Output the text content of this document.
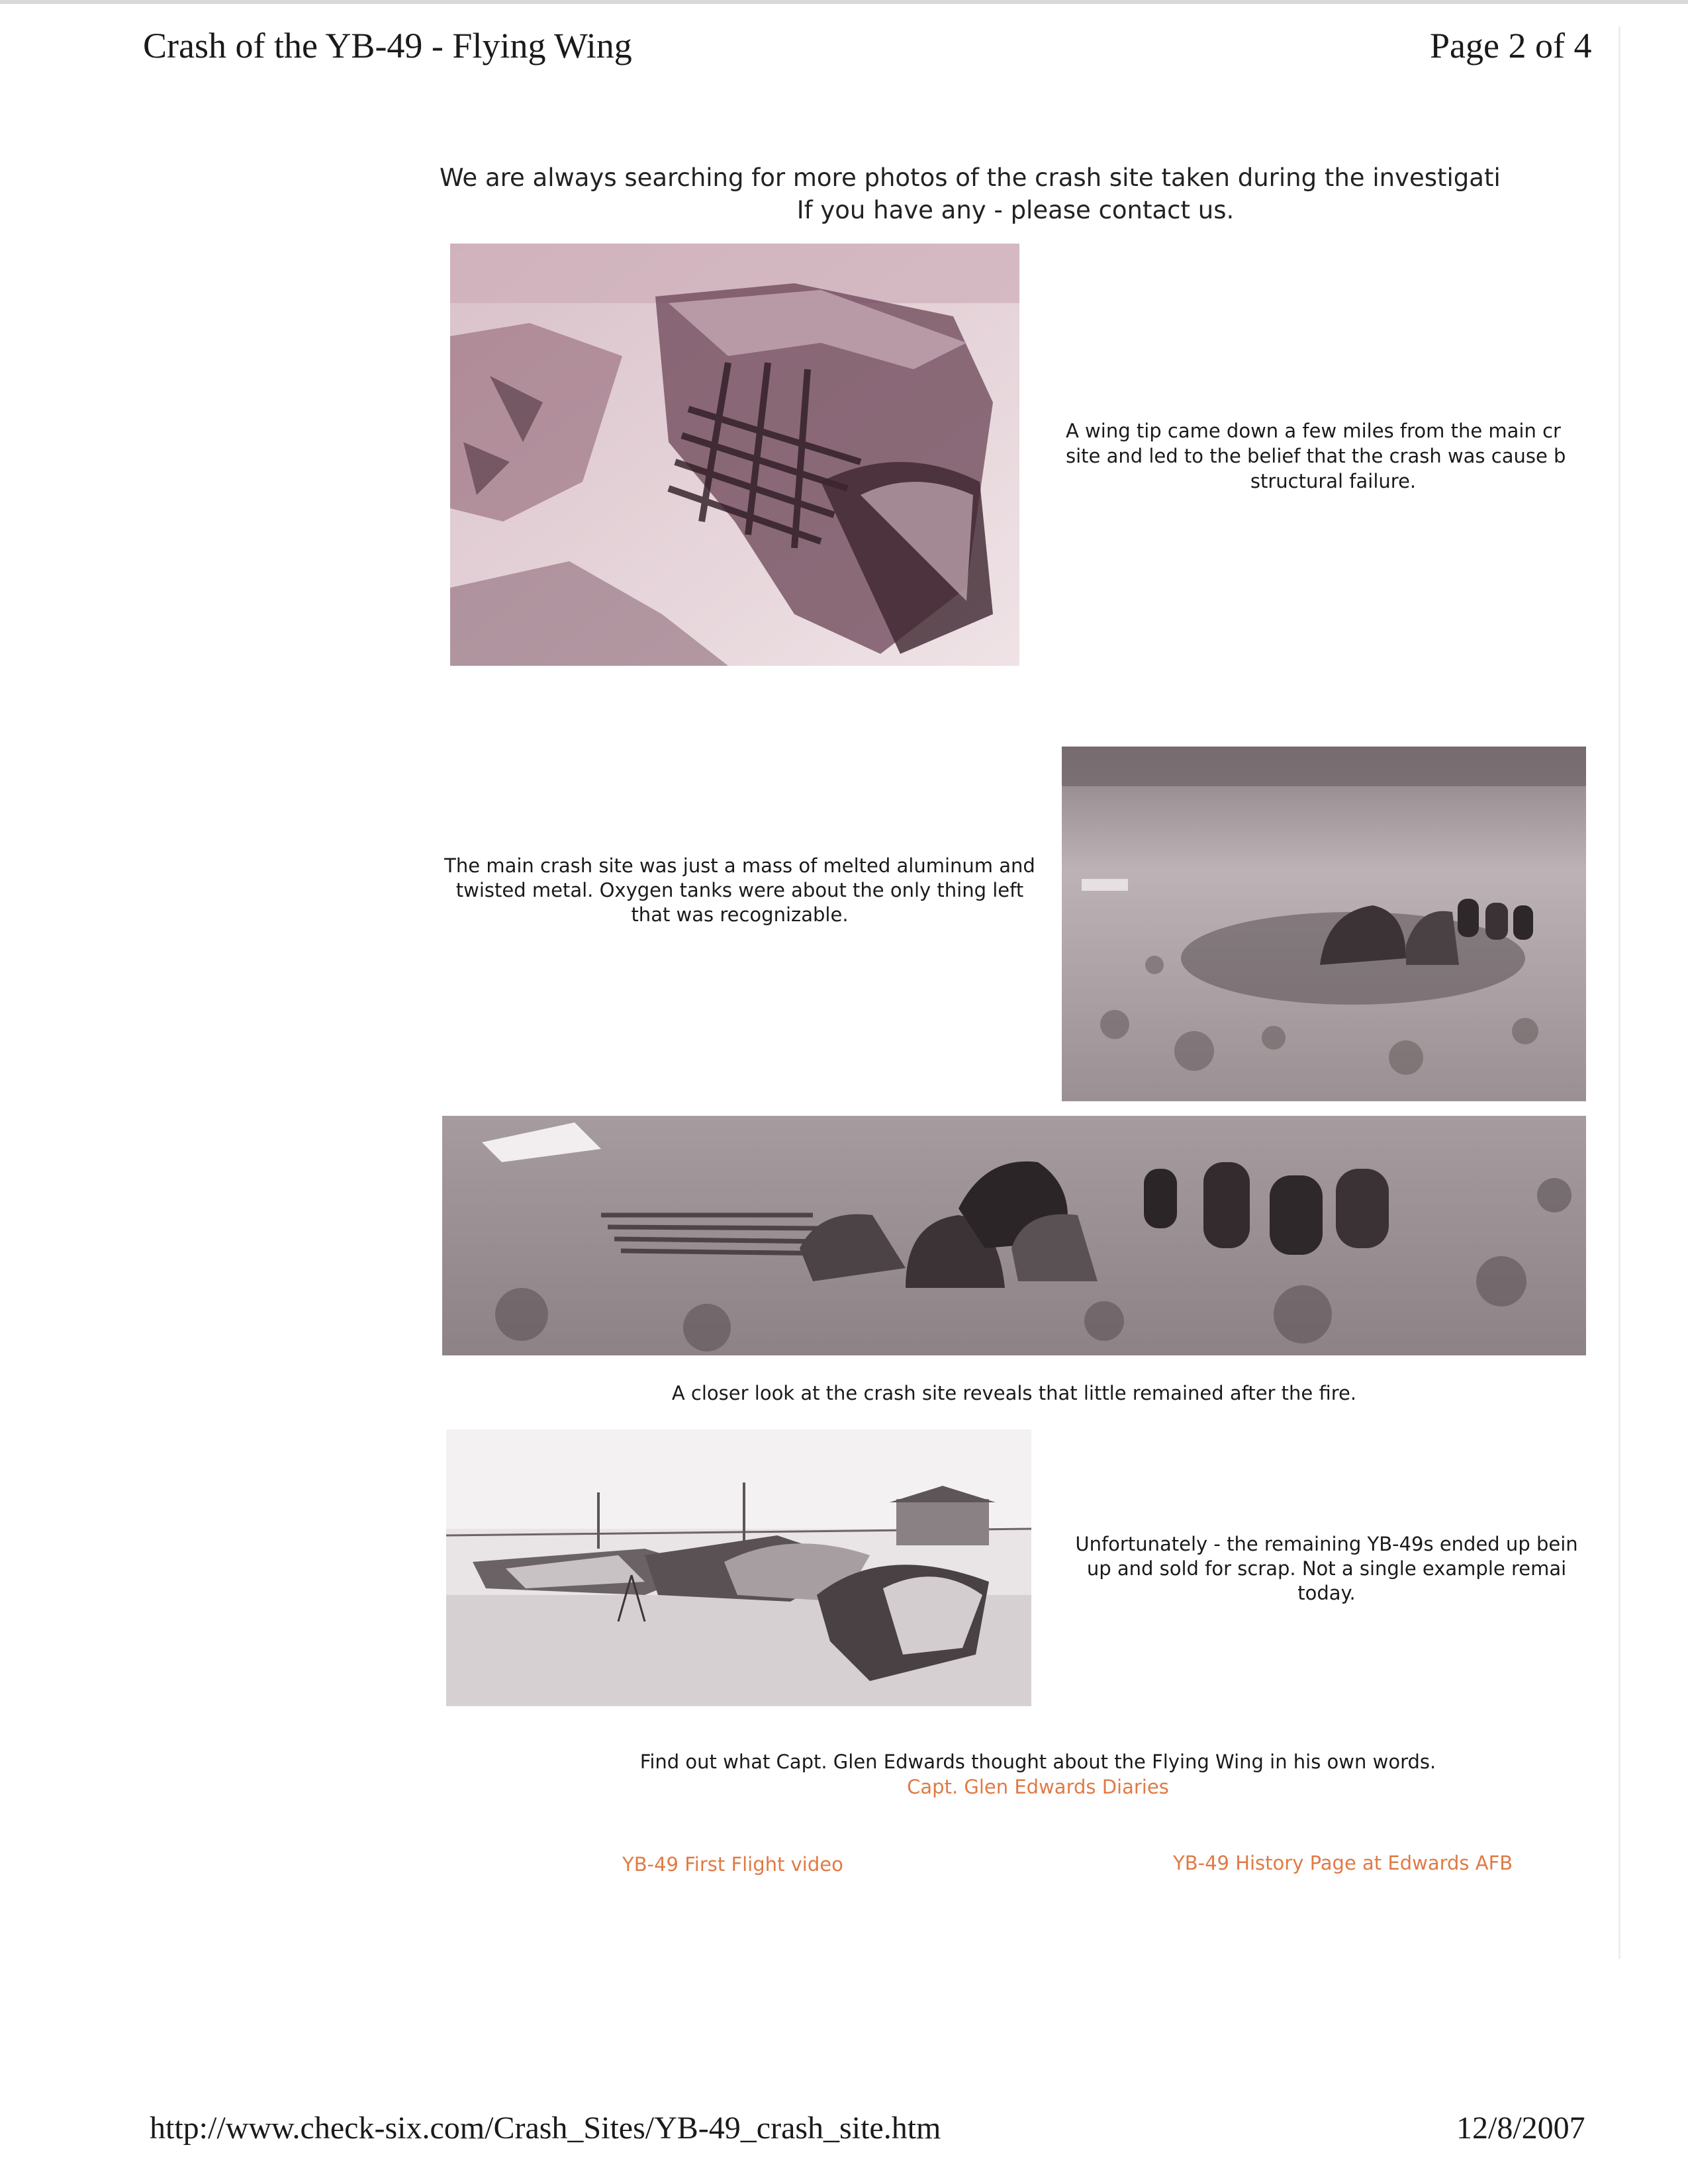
Crash of the YB-49 - Flying Wing	Page 2 of 4
We are always searching for more photos of the crash site taken during the investigati
If you have any - please contact us.
A wing tip came down a few miles from the main cr
site and led to the belief that the crash was cause b
structural failure.
The main crash site was just a mass of melted aluminum and twisted metal. Oxygen tanks were about the only thing left that was recognizable.
A closer look at the crash site reveals that little remained after the fire.
Unfortunately - the remaining YB-49s ended up bein
up and sold for scrap. Not a single example remai
today.
Find out what Capt. Glen Edwards thought about the Flying Wing in his own words.
Capt. Glen Edwards Diaries
YB-49 First Flight video	YB-49 History Page at Edwards AFB
http://www.check-six.com/Crash_Sites/YB-49_crash_site.htm	12/8/2007
